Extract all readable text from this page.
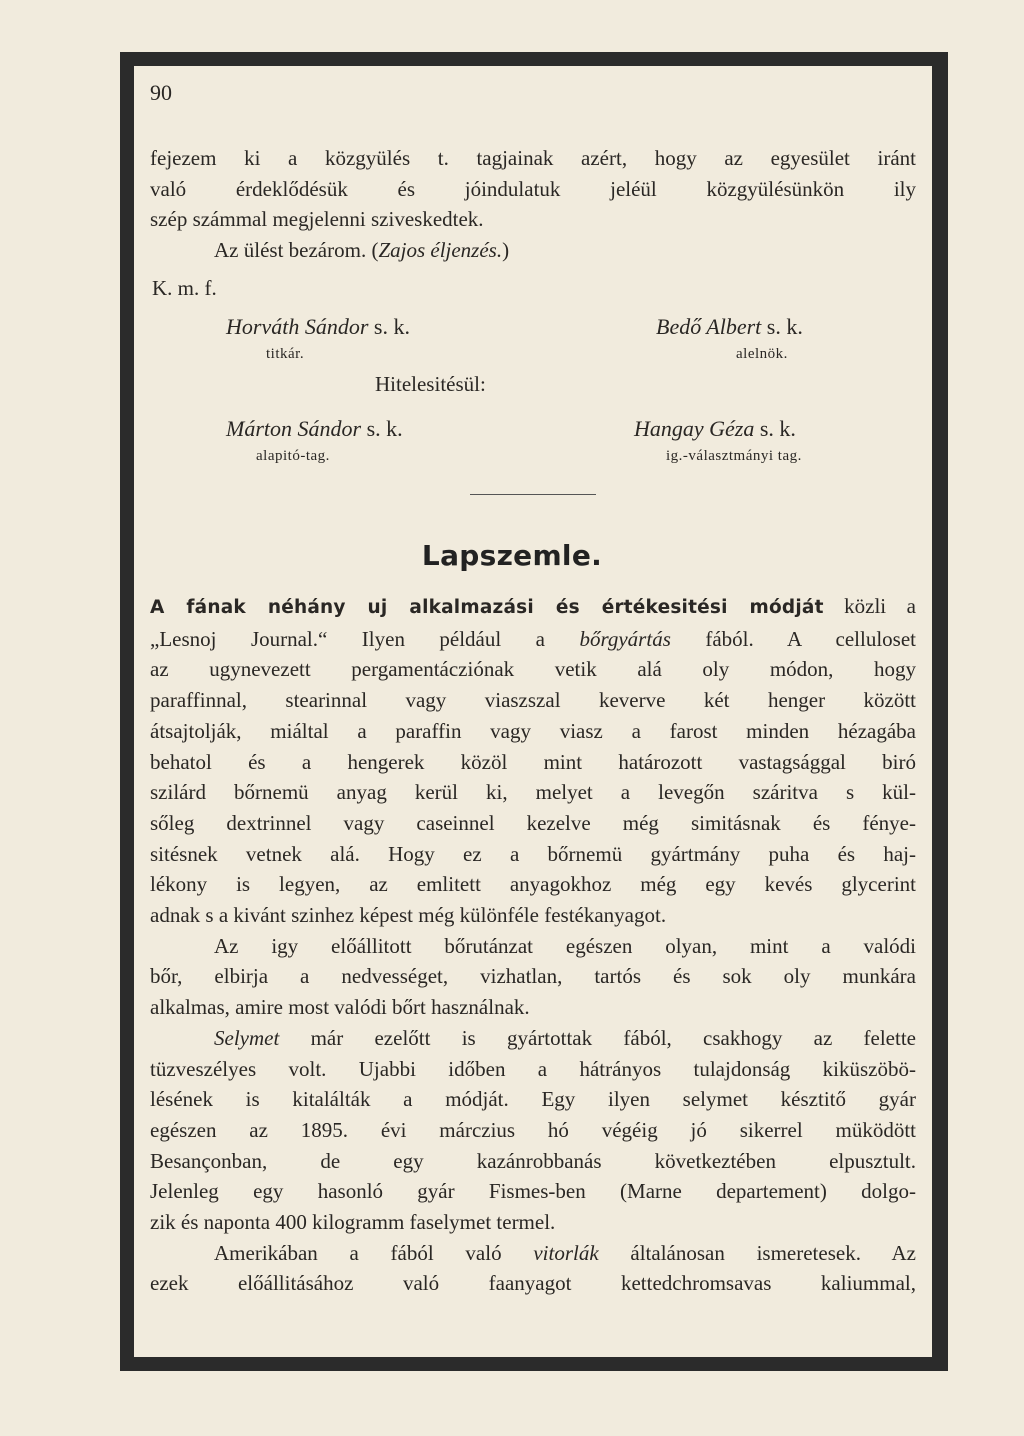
90
fejezem ki a közgyülés t. tagjainak azért, hogy az egyesület iránt
való érdeklődésük és jóindulatuk jeléül közgyülésünkön ily
szép számmal megjelenni sziveskedtek.
Az ülést bezárom. (Zajos éljenzés.)
K. m. f.
Horváth Sándor s. k.
titkár.
Bedő Albert s. k.
alelnök.
Hitelesitésül:
Márton Sándor s. k.
alapitó-tag.
Hangay Géza s. k.
ig.-választmányi tag.
Lapszemle.
A fának néhány uj alkalmazási és értékesitési módját közli a
„Lesnoj Journal.“ Ilyen például a bőrgyártás fából. A celluloset
az ugynevezett pergamentácziónak vetik alá oly módon, hogy
paraffinnal, stearinnal vagy viaszszal keverve két henger között
átsajtolják, miáltal a paraffin vagy viasz a farost minden hézagába
behatol és a hengerek közöl mint határozott vastagsággal biró
szilárd bőrnemü anyag kerül ki, melyet a levegőn száritva s kül-
sőleg dextrinnel vagy caseinnel kezelve még simitásnak és fénye-
sitésnek vetnek alá. Hogy ez a bőrnemü gyártmány puha és haj-
lékony is legyen, az emlitett anyagokhoz még egy kevés glycerint
adnak s a kivánt szinhez képest még különféle festékanyagot.
Az igy előállitott bőrutánzat egészen olyan, mint a valódi
bőr, elbirja a nedvességet, vizhatlan, tartós és sok oly munkára
alkalmas, amire most valódi bőrt használnak.
Selymet már ezelőtt is gyártottak fából, csakhogy az felette
tüzveszélyes volt. Ujabbi időben a hátrányos tulajdonság kiküszöbö-
lésének is kitalálták a módját. Egy ilyen selymet késztitő gyár
egészen az 1895. évi márczius hó végéig jó sikerrel müködött
Besançonban, de egy kazánrobbanás következtében elpusztult.
Jelenleg egy hasonló gyár Fismes-ben (Marne departement) dolgo-
zik és naponta 400 kilogramm faselymet termel.
Amerikában a fából való vitorlák általánosan ismeretesek. Az
ezek előállitásához való faanyagot kettedchromsavas kaliummal,
